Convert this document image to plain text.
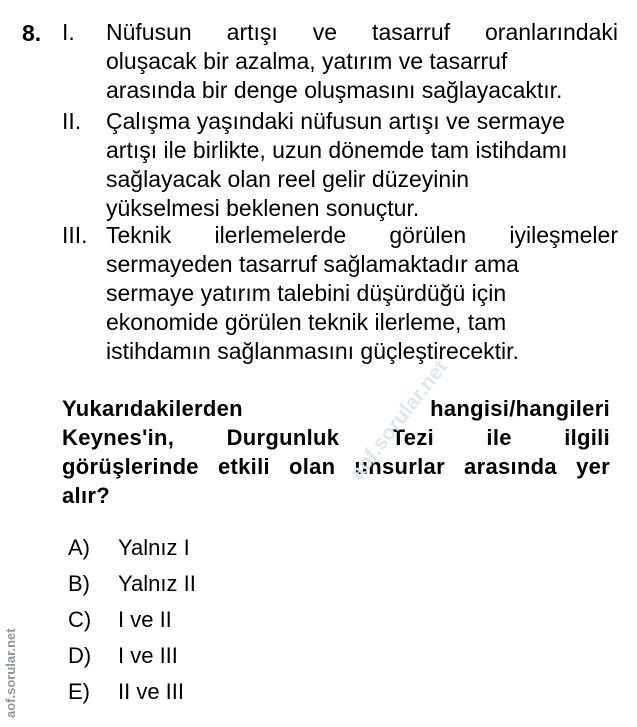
8. I. Nüfusun artışı ve tasarruf oranlarındaki
oluşacak bir azalma, yatırım ve tasarruf
arasında bir denge oluşmasını sağlayacaktır.
II. Çalışma yaşındaki nüfusun artışı ve sermaye
artışı ile birlikte, uzun dönemde tam istihdamı
sağlayacak olan reel gelir düzeyinin
yükselmesi beklenen sonuçtur.
III. Teknik ilerlemelerde görülen iyileşmeler
sermayeden tasarruf sağlamaktadır ama
sermaye yatırım talebini düşürdüğü için
ekonomide görülen teknik ilerleme, tam
istihdamın sağlanmasını güçleştirecektir.
Yukarıdakilerden hangisi/hangileri
Keynes'in, Durgunluk Tezi ile ilgili
görüşlerinde etkili olan unsurlar arasında yer
alır?
aof.sorular.net
A) Yalnız I
B) Yalnız II
C) I ve II
D) I ve III
E) II ve III
aof.sorular.net
